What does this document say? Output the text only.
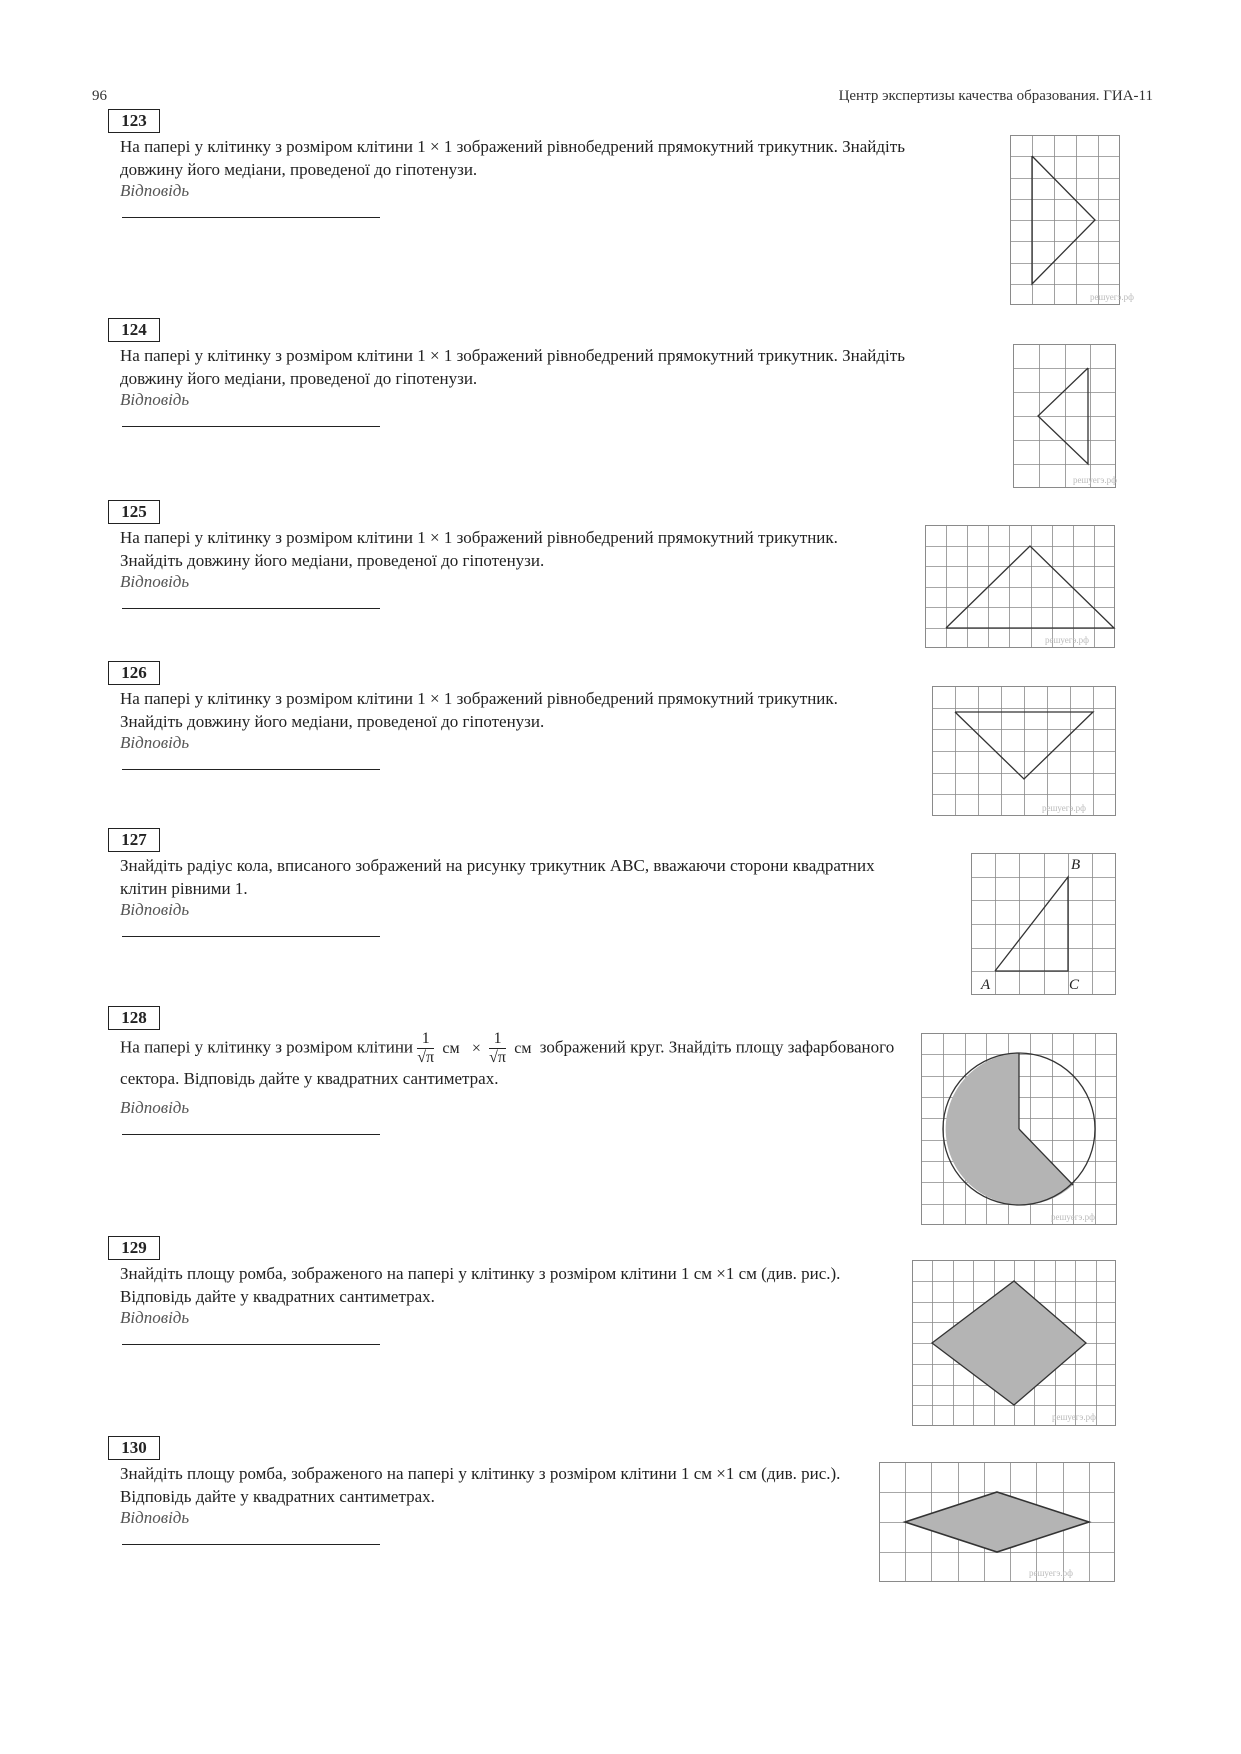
96	Центр экспертизы качества образования. ГИА-11
123
На папері у клітинку з розміром клітини 1 × 1 зображений рівнобедрений прямокутний трикутник. Знайдіть довжину його медіани, проведеної до гіпотенузи.
Відповідь
решуегэ.рф
124
На папері у клітинку з розміром клітини 1 × 1 зображений рівнобедрений прямокутний трикутник. Знайдіть довжину його медіани, проведеної до гіпотенузи.
Відповідь
решуегэ.рф
125
На папері у клітинку з розміром клітини 1 × 1 зображений рівнобедрений прямокутний трикутник. Знайдіть довжину його медіани, проведеної до гіпотенузи.
Відповідь
решуегэ.рф
126
На папері у клітинку з розміром клітини 1 × 1 зображений рівнобедрений прямокутний трикутник. Знайдіть довжину його медіани, проведеної до гіпотенузи.
Відповідь
решуегэ.рф
127
Знайдіть радіус кола, вписаного зображений на рисунку трикутник ABC, вважаючи сторони квадратних клітин рівними 1.
Відповідь
A
B
C
128
На папері у клітинку з розміром клітини $\frac{1}{√\pi}$ см × $\frac{1}{√\pi}$ см зображений круг. Знайдіть площу зафарбованого сектора. Відповідь дайте у квадратних сантиметрах.
Відповідь
решуегэ.рф
129
Знайдіть площу ромба, зображеного на папері у клітинку з розміром клітини 1 см ×1 см (див. рис.). Відповідь дайте у квадратних сантиметрах.
Відповідь
решуегэ.рф
130
Знайдіть площу ромба, зображеного на папері у клітинку з розміром клітини 1 см ×1 см (див. рис.). Відповідь дайте у квадратних сантиметрах.
Відповідь
решуегэ.рф
